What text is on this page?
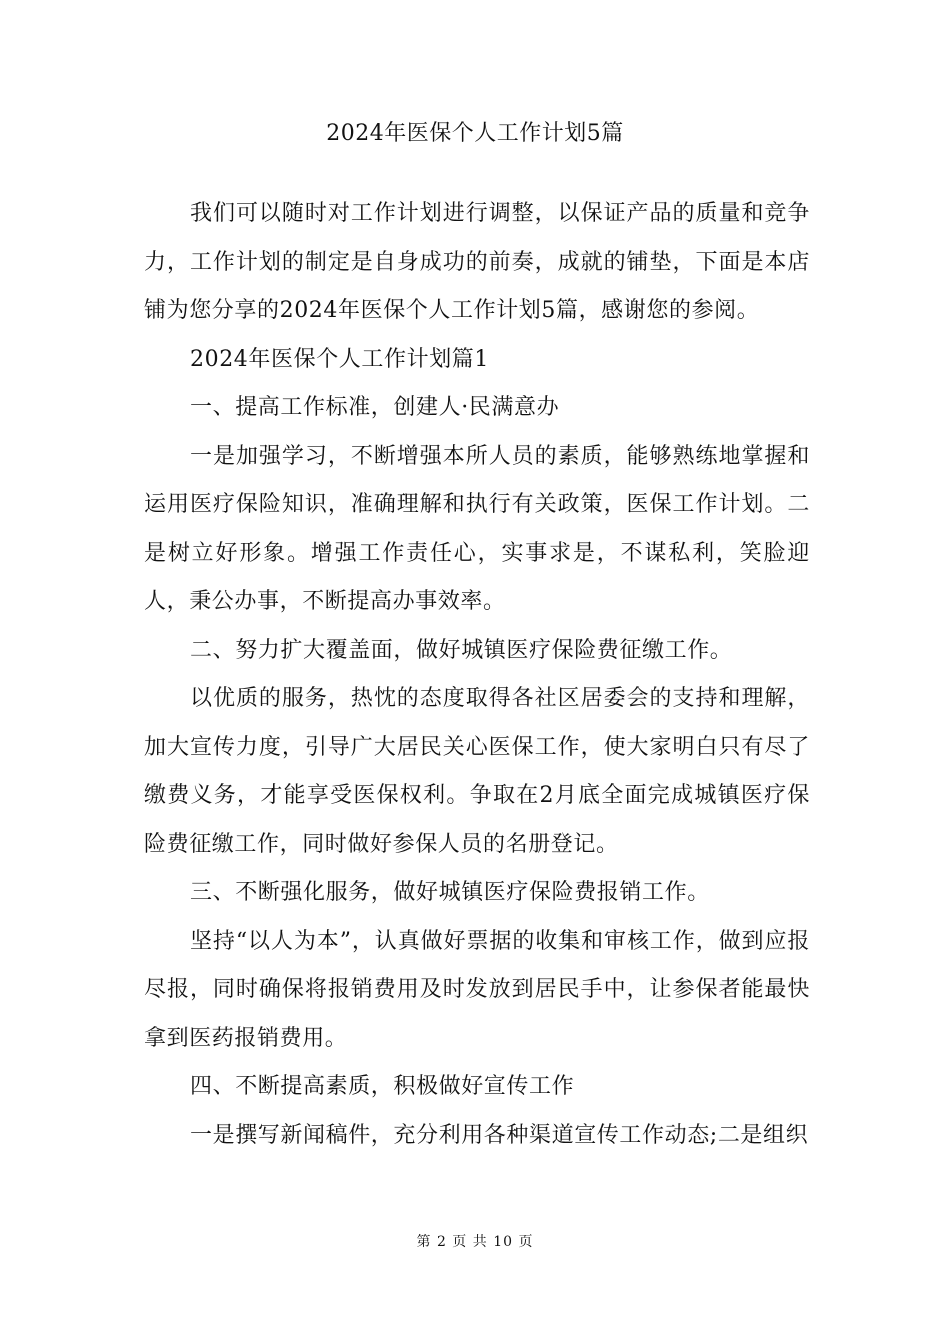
2024年医保个人工作计划5篇

我们可以随时对工作计划进行调整，以保证产品的质量和竞争力，工作计划的制定是自身成功的前奏，成就的铺垫，下面是本店铺为您分享的2024年医保个人工作计划5篇，感谢您的参阅。

2024年医保个人工作计划篇1

一、提高工作标准，创建人·民满意办

一是加强学习，不断增强本所人员的素质，能够熟练地掌握和运用医疗保险知识，准确理解和执行有关政策，医保工作计划。二是树立好形象。增强工作责任心，实事求是，不谋私利，笑脸迎人，秉公办事，不断提高办事效率。

二、努力扩大覆盖面，做好城镇医疗保险费征缴工作。

以优质的服务，热忱的态度取得各社区居委会的支持和理解，加大宣传力度，引导广大居民关心医保工作，使大家明白只有尽了缴费义务，才能享受医保权利。争取在2月底全面完成城镇医疗保险费征缴工作，同时做好参保人员的名册登记。

三、不断强化服务，做好城镇医疗保险费报销工作。

坚持“以人为本”，认真做好票据的收集和审核工作，做到应报尽报，同时确保将报销费用及时发放到居民手中，让参保者能最快拿到医药报销费用。

四、不断提高素质，积极做好宣传工作

一是撰写新闻稿件，充分利用各种渠道宣传工作动态;二是组织

第 2 页 共 10 页
